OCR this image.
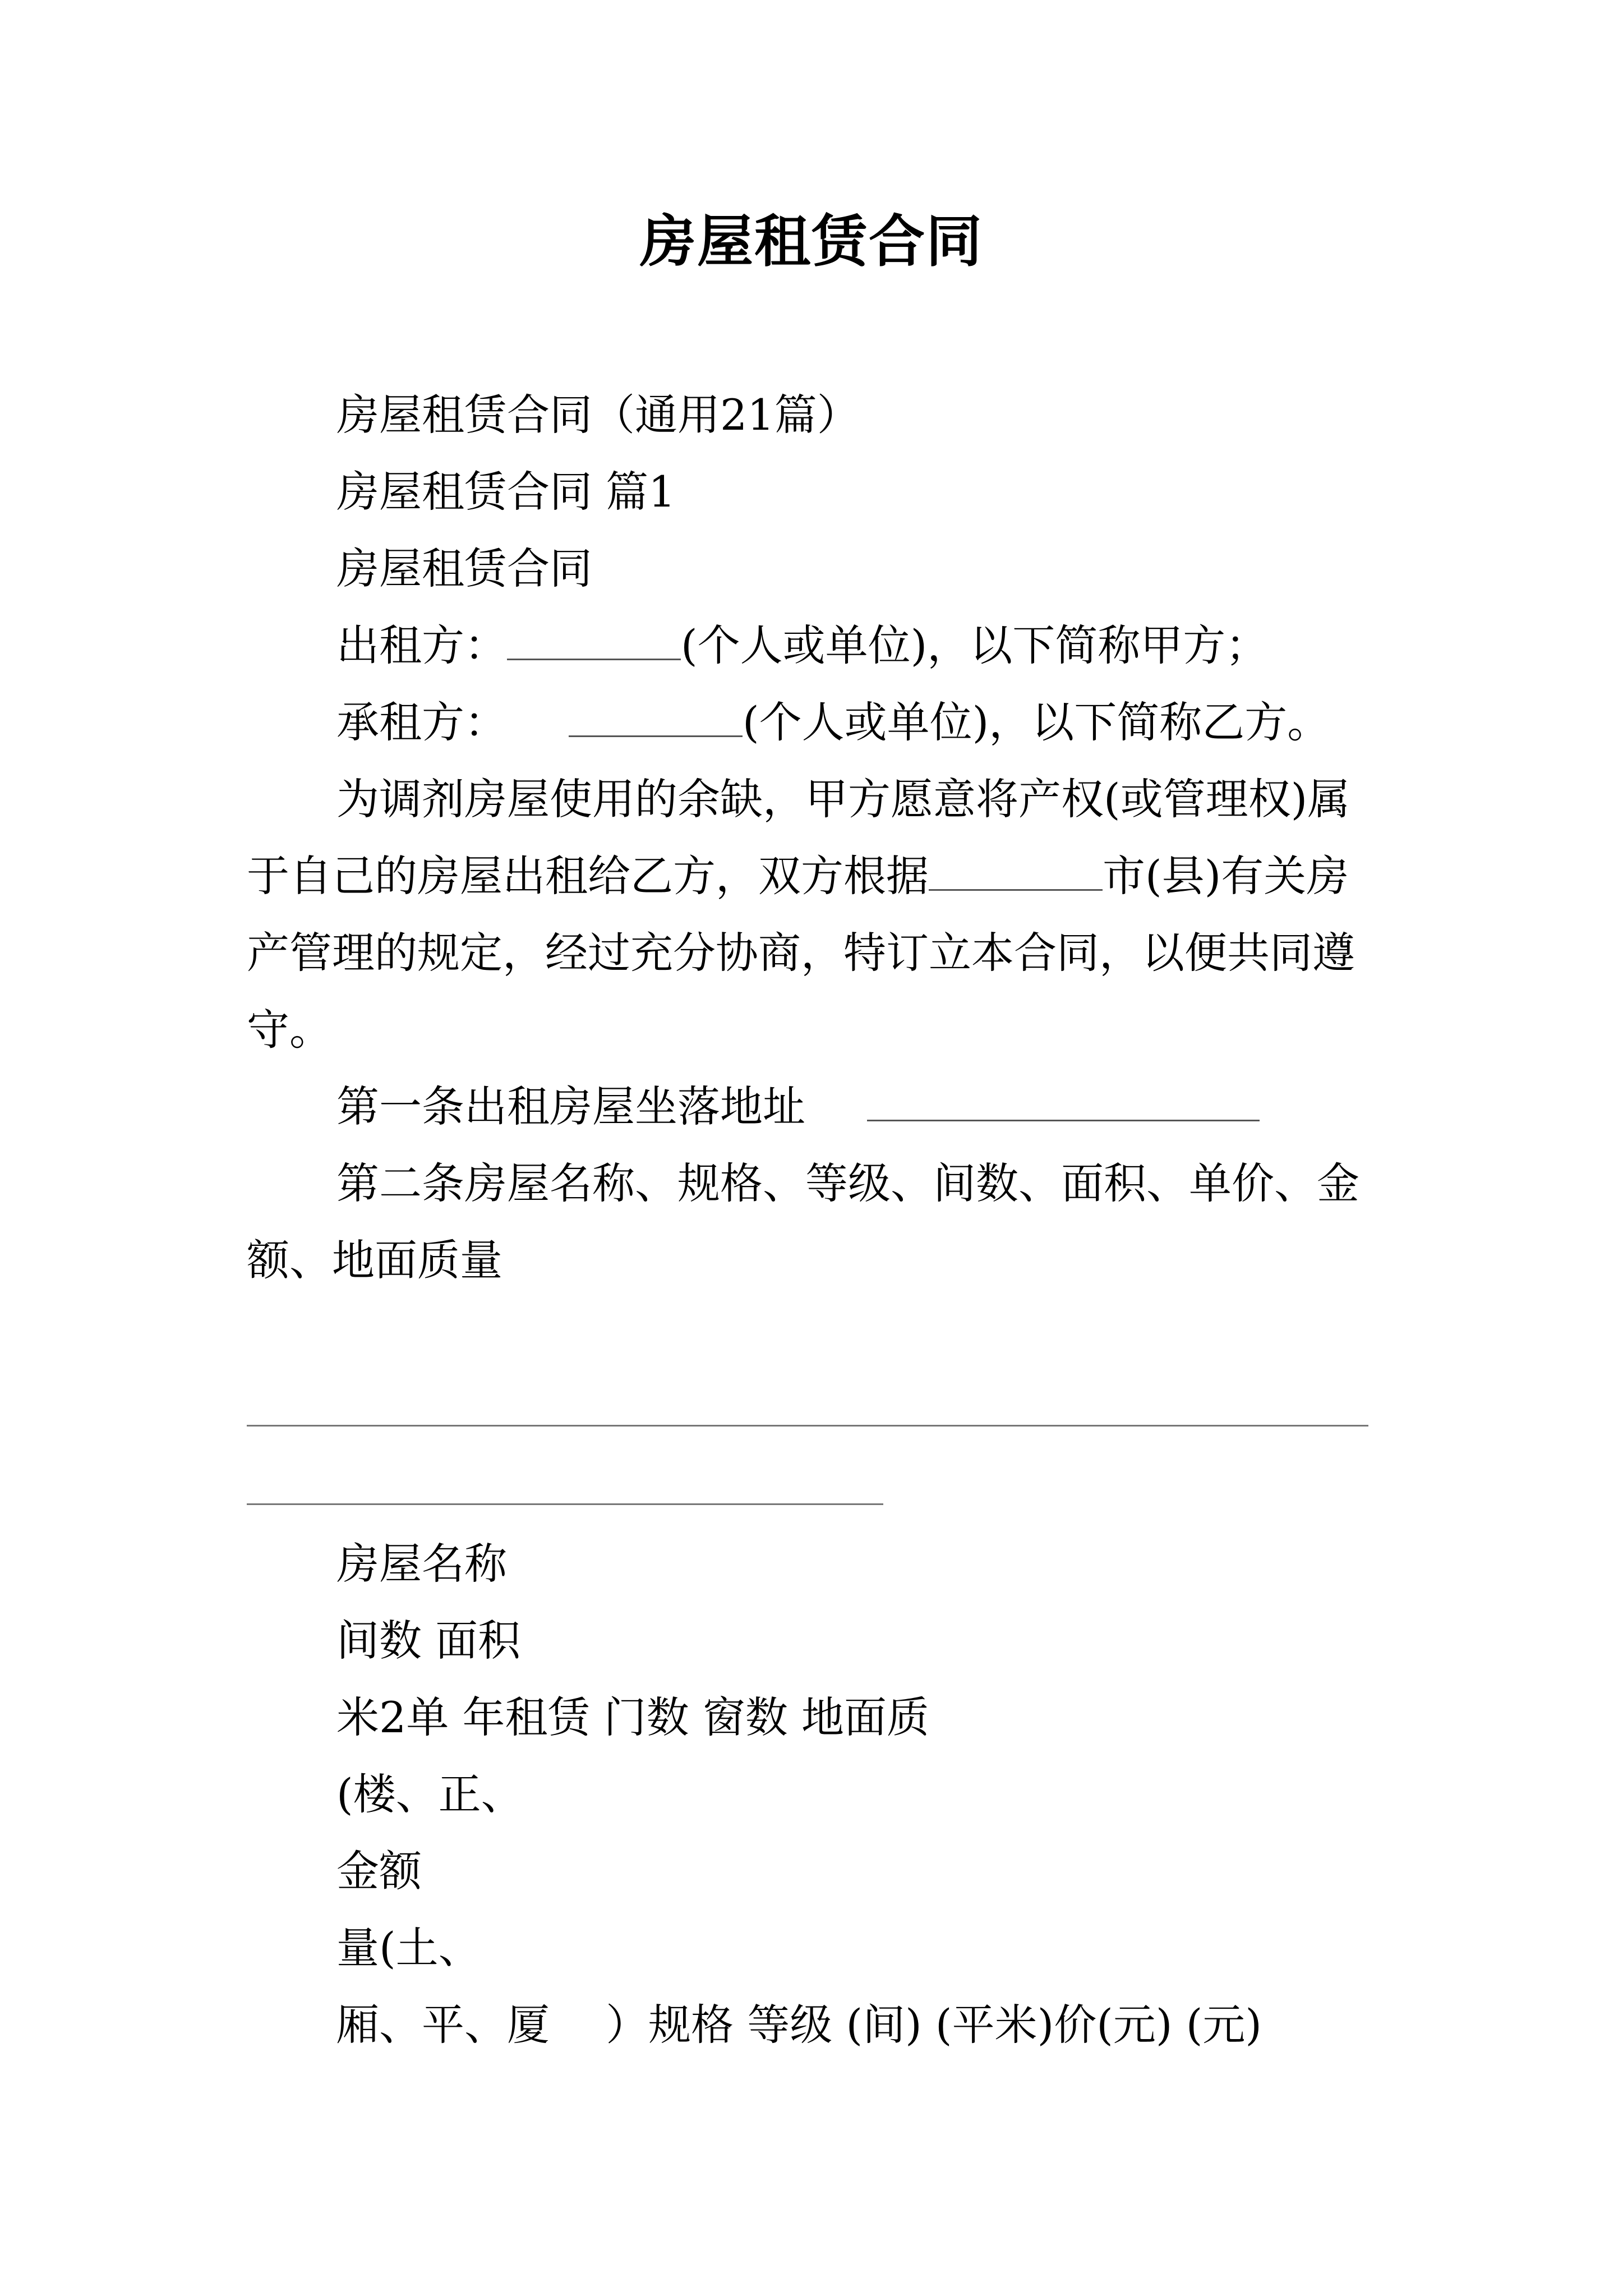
房屋租赁合同
房屋租赁合同（通用21篇）
房屋租赁合同 篇1
房屋租赁合同
出租方：	(个人或单位)，以下简称甲方；
承租方：	(个人或单位)，以下简称乙方。
为调剂房屋使用的余缺，甲方愿意将产权(或管理权)属
于自己的房屋出租给乙方，双方根据	市(县)有关房
产管理的规定，经过充分协商，特订立本合同，以便共同遵
守。
第一条出租房屋坐落地址
第二条房屋名称、规格、等级、间数、面积、单价、金
额、地面质量
房屋名称
间数 面积
米2单 年租赁 门数 窗数 地面质
(楼、正、
金额
量(土、
厢、平、厦　 ）规格 等级 (间) (平米)价(元) (元)
